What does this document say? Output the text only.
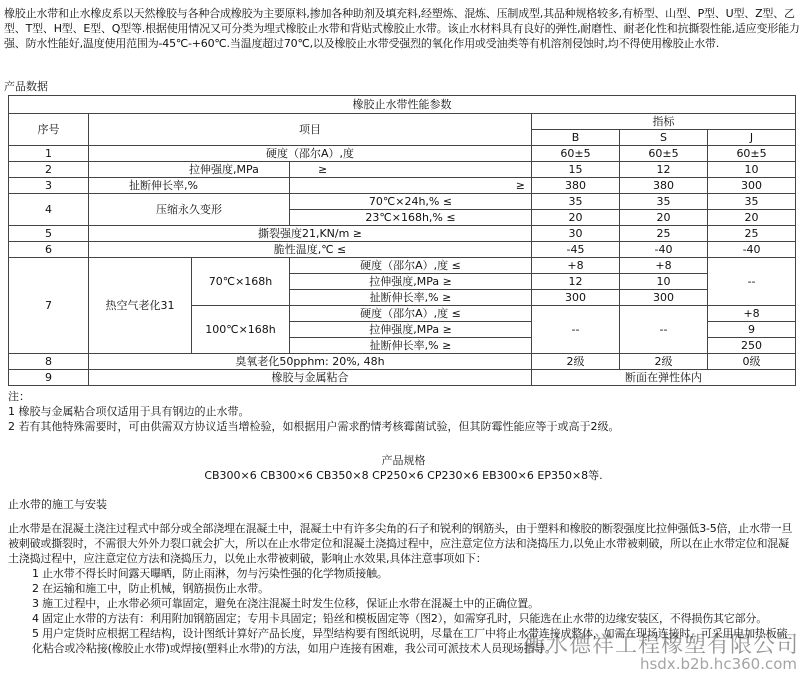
橡胶止水带和止水橡皮系以天然橡胶与各种合成橡胶为主要原料,掺加各种助剂及填充料,经塑炼、混炼、压制成型,其品种规格较多,有桥型、山型、P型、U型、Z型、乙型、T型、H型、E型、Q型等.根据使用情况又可分类为埋式橡胶止水带和背贴式橡胶止水带。该止水材料具有良好的弹性,耐磨性、耐老化性和抗撕裂性能,适应变形能力强、防水性能好,温度使用范围为-45℃-+60℃.当温度超过70℃,以及橡胶止水带受强烈的氧化作用或受油类等有机溶剂侵蚀时,均不得使用橡胶止水带.
产品数据
橡胶止水带性能参数						
序号	项目			指标		
				B	S	J
1	硬度（邵尔A）,度			60±5	60±5	60±5
2	拉伸强度,MPa		≥	15	12	10
3	扯断伸长率,%		≥	380	380	300
4	压缩永久变形		70℃×24h,% ≤	35	35	35
			23℃×168h,% ≤	20	20	20
5	撕裂强度21,KN/m ≥			30	25	25
6	脆性温度,℃ ≤			-45	-40	-40
7	热空气老化31	70℃×168h	硬度（邵尔A）,度 ≤	+8	+8	--
			拉伸强度,MPa ≥	12	10	
			扯断伸长率,% ≥	300	300	
		100℃×168h	硬度（邵尔A）,度 ≤	--	--	+8
			拉伸强度,MPa ≥			9
			扯断伸长率,% ≥			250
8	臭氧老化50pphm: 20%, 48h			2级	2级	0级
9	橡胶与金属粘合			断面在弹性体内		
注：
1 橡胶与金属粘合项仅适用于具有钢边的止水带。
2 若有其他特殊需要时，可由供需双方协议适当增检验，如根据用户需求酌情考核霉菌试验，但其防霉性能应等于或高于2级。
产品规格
CB300×6 CB300×6 CB350×8 CP250×6 CP230×6 EB300×6 EP350×8等.
止水带的施工与安装

止水带是在混凝土浇注过程式中部分或全部浇埋在混凝土中，混凝土中有许多尖角的石子和锐利的钢筋头，由于塑料和橡胶的断裂强度比拉伸强低3-5倍，止水带一旦被刺破或撕裂时，不需很大外外力裂口就会扩大，所以在止水带定位和混凝土浇捣过程中，应注意定位方法和浇捣压力,以免止水带被刺破，所以在止水带定位和混凝土浇捣过程中，应注意定位方法和浇捣压力，以免止水带被刺破，影响止水效果,具体注意事项如下：

1 止水带不得长时间露天曝晒，防止雨淋，勿与污染性强的化学物质接触。

2 在运输和施工中，防止机械，钢筋损伤止水带。

3 施工过程中，止水带必须可靠固定，避免在浇注混凝土时发生位移，保证止水带在混凝土中的正确位置。

4 固定止水带的方法有：利用附加钢筋固定；专用卡具固定；铅丝和模板固定等（图2），如需穿孔时，只能选在止水带的边缘安装区，不得损伤其它部分。

5 用户定货时应根据工程结构，设计图纸计算好产品长度，异型结构要有图纸说明，尽量在工厂中将止水带连接成整体，如需在现场连接时，可采用电加热板硫化粘合或冷粘接(橡胶止水带)或焊接(塑料止水带)的方法，如用户连接有困难，我公司可派技术人员现场指导。

衡水德祥工程橡塑有限公司
hsdx.b2b.hc360.com
